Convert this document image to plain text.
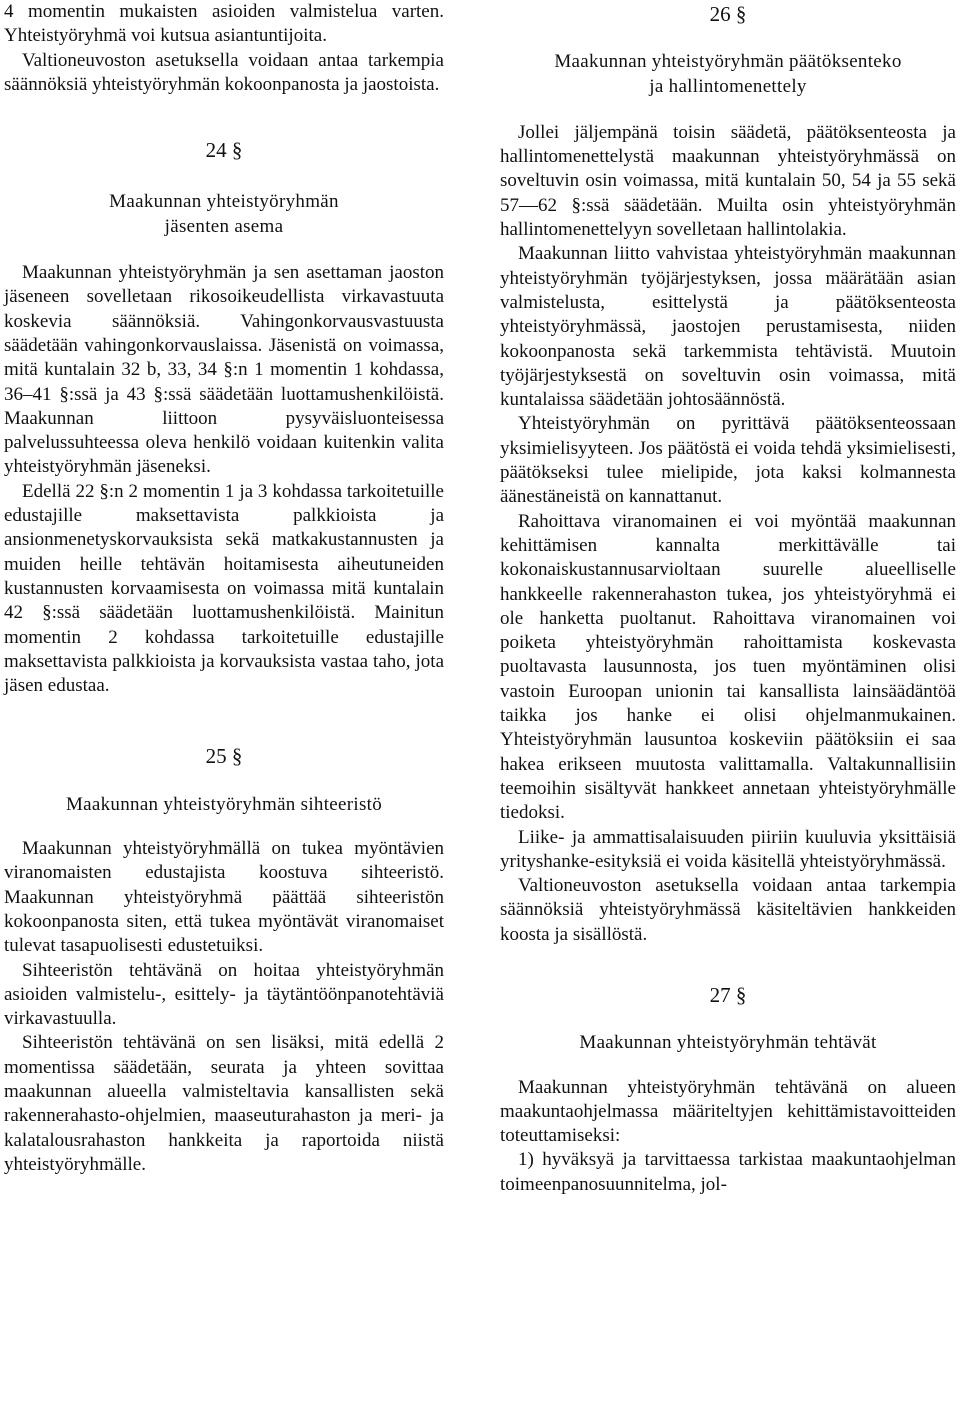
4 momentin mukaisten asioiden valmistelua varten. Yhteistyöryhmä voi kutsua asiantuntijoita.

Valtioneuvoston asetuksella voidaan antaa tarkempia säännöksiä yhteistyöryhmän kokoonpanosta ja jaostoista.

24 §

Maakunnan yhteistyöryhmän

jäsenten asema

Maakunnan yhteistyöryhmän ja sen asettaman jaoston jäseneen sovelletaan rikosoikeudellista virkavastuuta koskevia säännöksiä. Vahingonkorvausvastuusta säädetään vahingonkorvauslaissa. Jäsenistä on voimassa, mitä kuntalain 32 b, 33, 34 §:n 1 momentin 1 kohdassa, 36–41 §:ssä ja 43 §:ssä säädetään luottamushenkilöistä. Maakunnan liittoon pysyväisluonteisessa palvelussuhteessa oleva henkilö voidaan kuitenkin valita yhteistyöryhmän jäseneksi.

Edellä 22 §:n 2 momentin 1 ja 3 kohdassa tarkoitetuille edustajille maksettavista palkkioista ja ansionmenetyskorvauksista sekä matkakustannusten ja muiden heille tehtävän hoitamisesta aiheutuneiden kustannusten korvaamisesta on voimassa mitä kuntalain 42 §:ssä säädetään luottamushenkilöistä. Mainitun momentin 2 kohdassa tarkoitetuille edustajille maksettavista palkkioista ja korvauksista vastaa taho, jota jäsen edustaa.

25 §

Maakunnan yhteistyöryhmän sihteeristö

Maakunnan yhteistyöryhmällä on tukea myöntävien viranomaisten edustajista koostuva sihteeristö. Maakunnan yhteistyöryhmä päättää sihteeristön kokoonpanosta siten, että tukea myöntävät viranomaiset tulevat tasapuolisesti edustetuiksi.

Sihteeristön tehtävänä on hoitaa yhteistyöryhmän asioiden valmistelu-, esittely- ja täytäntöönpanotehtäviä virkavastuulla.

Sihteeristön tehtävänä on sen lisäksi, mitä edellä 2 momentissa säädetään, seurata ja yhteen sovittaa maakunnan alueella valmisteltavia kansallisten sekä rakennerahasto-ohjelmien, maaseuturahaston ja meri- ja kalatalousrahaston hankkeita ja raportoida niistä yhteistyöryhmälle.

26 §

Maakunnan yhteistyöryhmän päätöksenteko

ja hallintomenettely

Jollei jäljempänä toisin säädetä, päätöksenteosta ja hallintomenettelystä maakunnan yhteistyöryhmässä on soveltuvin osin voimassa, mitä kuntalain 50, 54 ja 55 sekä 57—62 §:ssä säädetään. Muilta osin yhteistyöryhmän hallintomenettelyyn sovelletaan hallintolakia.

Maakunnan liitto vahvistaa yhteistyöryhmän maakunnan yhteistyöryhmän työjärjestyksen, jossa määrätään asian valmistelusta, esittelystä ja päätöksenteosta yhteistyöryhmässä, jaostojen perustamisesta, niiden kokoonpanosta sekä tarkemmista tehtävistä. Muutoin työjärjestyksestä on soveltuvin osin voimassa, mitä kuntalaissa säädetään johtosäännöstä.

Yhteistyöryhmän on pyrittävä päätöksenteossaan yksimielisyyteen. Jos päätöstä ei voida tehdä yksimielisesti, päätökseksi tulee mielipide, jota kaksi kolmannesta äänestäneistä on kannattanut.

Rahoittava viranomainen ei voi myöntää maakunnan kehittämisen kannalta merkittävälle tai kokonaiskustannusarvioltaan suurelle alueelliselle hankkeelle rakennerahaston tukea, jos yhteistyöryhmä ei ole hanketta puoltanut. Rahoittava viranomainen voi poiketa yhteistyöryhmän rahoittamista koskevasta puoltavasta lausunnosta, jos tuen myöntäminen olisi vastoin Euroopan unionin tai kansallista lainsäädäntöä taikka jos hanke ei olisi ohjelmanmukainen. Yhteistyöryhmän lausuntoa koskeviin päätöksiin ei saa hakea erikseen muutosta valittamalla. Valtakunnallisiin teemoihin sisältyvät hankkeet annetaan yhteistyöryhmälle tiedoksi.

Liike- ja ammattisalaisuuden piiriin kuuluvia yksittäisiä yrityshanke-esityksiä ei voida käsitellä yhteistyöryhmässä.

Valtioneuvoston asetuksella voidaan antaa tarkempia säännöksiä yhteistyöryhmässä käsiteltävien hankkeiden koosta ja sisällöstä.

27 §

Maakunnan yhteistyöryhmän tehtävät

Maakunnan yhteistyöryhmän tehtävänä on alueen maakuntaohjelmassa määriteltyjen kehittämistavoitteiden toteuttamiseksi:

1) hyväksyä ja tarvittaessa tarkistaa maakuntaohjelman toimeenpanosuunnitelma, jol-
